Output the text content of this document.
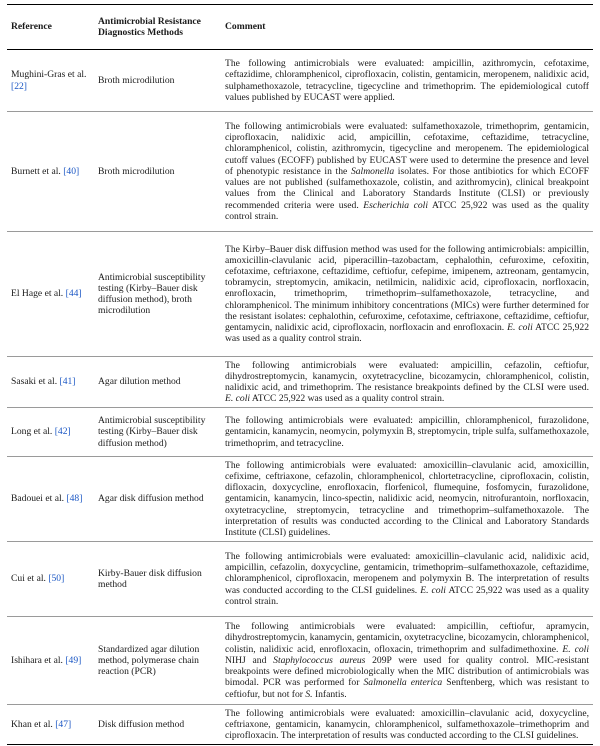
Reference	Antimicrobial Resistance Diagnostics Methods	Comment
Mughini-Gras et al. [22]	Broth microdilution	The following antimicrobials were evaluated: ampicillin, azithromycin, cefotaxime, ceftazidime, chloramphenicol, ciprofloxacin, colistin, gentamicin, meropenem, nalidixic acid, sulphamethoxazole, tetracycline, tigecycline and trimethoprim. The epidemiological cutoff values published by EUCAST were applied.
Burnett et al. [40]	Broth microdilution	The following antimicrobials were evaluated: sulfamethoxazole, trimethoprim, gentamicin, ciprofloxacin, nalidixic acid, ampicillin, cefotaxime, ceftazidime, tetracycline, chloramphenicol, colistin, azithromycin, tigecycline and meropenem. The epidemiological cutoff values (ECOFF) published by EUCAST were used to determine the presence and level of phenotypic resistance in the Salmonella isolates. For those antibiotics for which ECOFF values are not published (sulfamethoxazole, colistin, and azithromycin), clinical breakpoint values from the Clinical and Laboratory Standards Institute (CLSI) or previously recommended criteria were used. Escherichia coli ATCC 25,922 was used as the quality control strain.
El Hage et al. [44]	Antimicrobial susceptibility testing (Kirby–Bauer disk diffusion method), broth microdilution	The Kirby–Bauer disk diffusion method was used for the following antimicrobials: ampicillin, amoxicillin-clavulanic acid, piperacillin–tazobactam, cephalothin, cefuroxime, cefoxitin, cefotaxime, ceftriaxone, ceftazidime, ceftiofur, cefepime, imipenem, aztreonam, gentamycin, tobramycin, streptomycin, amikacin, netilmicin, nalidixic acid, ciprofloxacin, norfloxacin, enrofloxacin, trimethoprim, trimethoprim–sulfamethoxazole, tetracycline, and chloramphenicol. The minimum inhibitory concentrations (MICs) were further determined for the resistant isolates: cephalothin, cefuroxime, cefotaxime, ceftriaxone, ceftazidime, ceftiofur, gentamycin, nalidixic acid, ciprofloxacin, norfloxacin and enrofloxacin. E. coli ATCC 25,922 was used as a quality control strain.
Sasaki et al. [41]	Agar dilution method	The following antimicrobials were evaluated: ampicillin, cefazolin, ceftiofur, dihydrostreptomycin, kanamycin, oxytetracycline, bicozamycin, chloramphenicol, colistin, nalidixic acid, and trimethoprim. The resistance breakpoints defined by the CLSI were used. E. coli ATCC 25,922 was used as a quality control strain.
Long et al. [42]	Antimicrobial susceptibility testing (Kirby–Bauer disk diffusion method)	The following antimicrobials were evaluated: ampicillin, chloramphenicol, furazolidone, gentamicin, kanamycin, neomycin, polymyxin B, streptomycin, triple sulfa, sulfamethoxazole, trimethoprim, and tetracycline.
Badouei et al. [48]	Agar disk diffusion method	The following antimicrobials were evaluated: amoxicillin–clavulanic acid, amoxicillin, cefixime, ceftriaxone, cefazolin, chloramphenicol, chlortetracycline, ciprofloxacin, colistin, difloxacin, doxycycline, enrofloxacin, florfenicol, flumequine, fosfomycin, furazolidone, gentamicin, kanamycin, linco-spectin, nalidixic acid, neomycin, nitrofurantoin, norfloxacin, oxytetracycline, streptomycin, tetracycline and trimethoprim–sulfamethoxazole. The interpretation of results was conducted according to the Clinical and Laboratory Standards Institute (CLSI) guidelines.
Cui et al. [50]	Kirby-Bauer disk diffusion method	The following antimicrobials were evaluated: amoxicillin–clavulanic acid, nalidixic acid, ampicillin, cefazolin, doxycycline, gentamicin, trimethoprim–sulfamethoxazole, ceftazidime, chloramphenicol, ciprofloxacin, meropenem and polymyxin B. The interpretation of results was conducted according to the CLSI guidelines. E. coli ATCC 25,922 was used as a quality control strain.
Ishihara et al. [49]	Standardized agar dilution method, polymerase chain reaction (PCR)	The following antimicrobials were evaluated: ampicillin, ceftiofur, apramycin, dihydrostreptomycin, kanamycin, gentamicin, oxytetracycline, bicozamycin, chloramphenicol, colistin, nalidixic acid, enrofloxacin, ofloxacin, trimethoprim and sulfadimethoxine. E. coli NIHJ and Staphylococcus aureus 209P were used for quality control. MIC-resistant breakpoints were defined microbiologically when the MIC distribution of antimicrobials was bimodal. PCR was performed for Salmonella enterica Senftenberg, which was resistant to ceftiofur, but not for S. Infantis.
Khan et al. [47]	Disk diffusion method	The following antimicrobials were evaluated: amoxicillin–clavulanic acid, doxycycline, ceftriaxone, gentamicin, kanamycin, chloramphenicol, sulfamethoxazole–trimethoprim and ciprofloxacin. The interpretation of results was conducted according to the CLSI guidelines.
